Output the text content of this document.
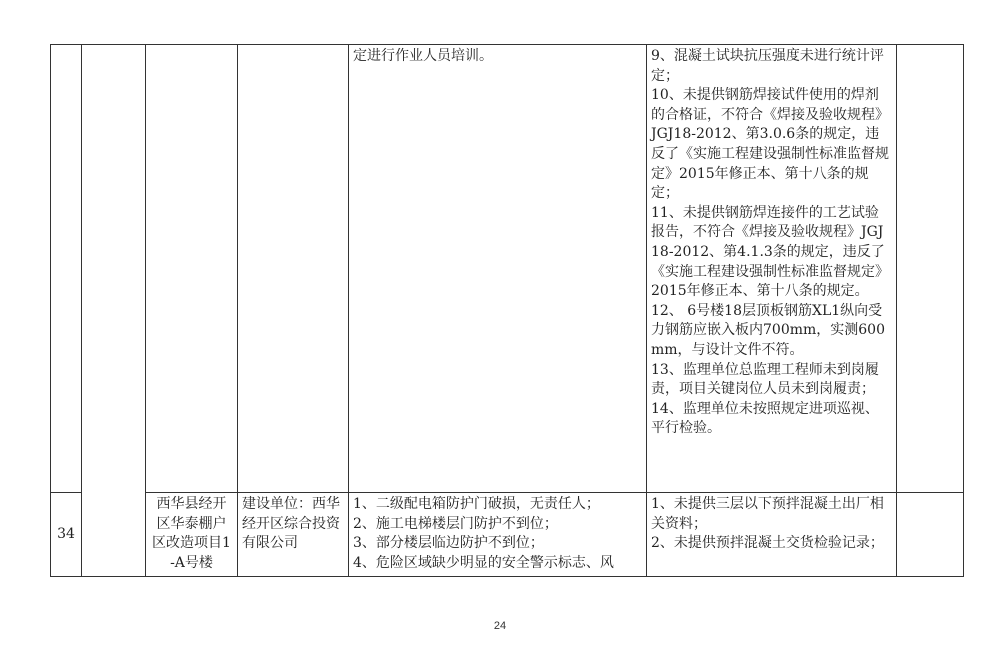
定进行作业人员培训。	9、混凝土试块抗压强度未进行统计评定；

10、未提供钢筋焊接试件使用的焊剂的合格证，不符合《焊接及验收规程》JGJ18-2012、第3.0.6条的规定，违反了《实施工程建设强制性标准监督规定》2015年修正本、第十八条的规定；

11、未提供钢筋焊连接件的工艺试验报告，不符合《焊接及验收规程》JGJ18-2012、第4.1.3条的规定，违反了《实施工程建设强制性标准监督规定》2015年修正本、第十八条的规定。

12、 6号楼18层顶板钢筋XL1纵向受力钢筋应嵌入板内700mm，实测600mm，与设计文件不符。

13、监理单位总监理工程师未到岗履责，项目关键岗位人员未到岗履责；

14、监理单位未按照规定进项巡视、平行检验。

34
西华县经开区华泰棚户区改造项目1-A号楼
建设单位：西华经开区综合投资有限公司

1、二级配电箱防护门破损，无责任人；

2、施工电梯楼层门防护不到位；

3、部分楼层临边防护不到位；

4、危险区域缺少明显的安全警示标志、风

1、未提供三层以下预拌混凝土出厂相关资料；

2、未提供预拌混凝土交货检验记录；

24
